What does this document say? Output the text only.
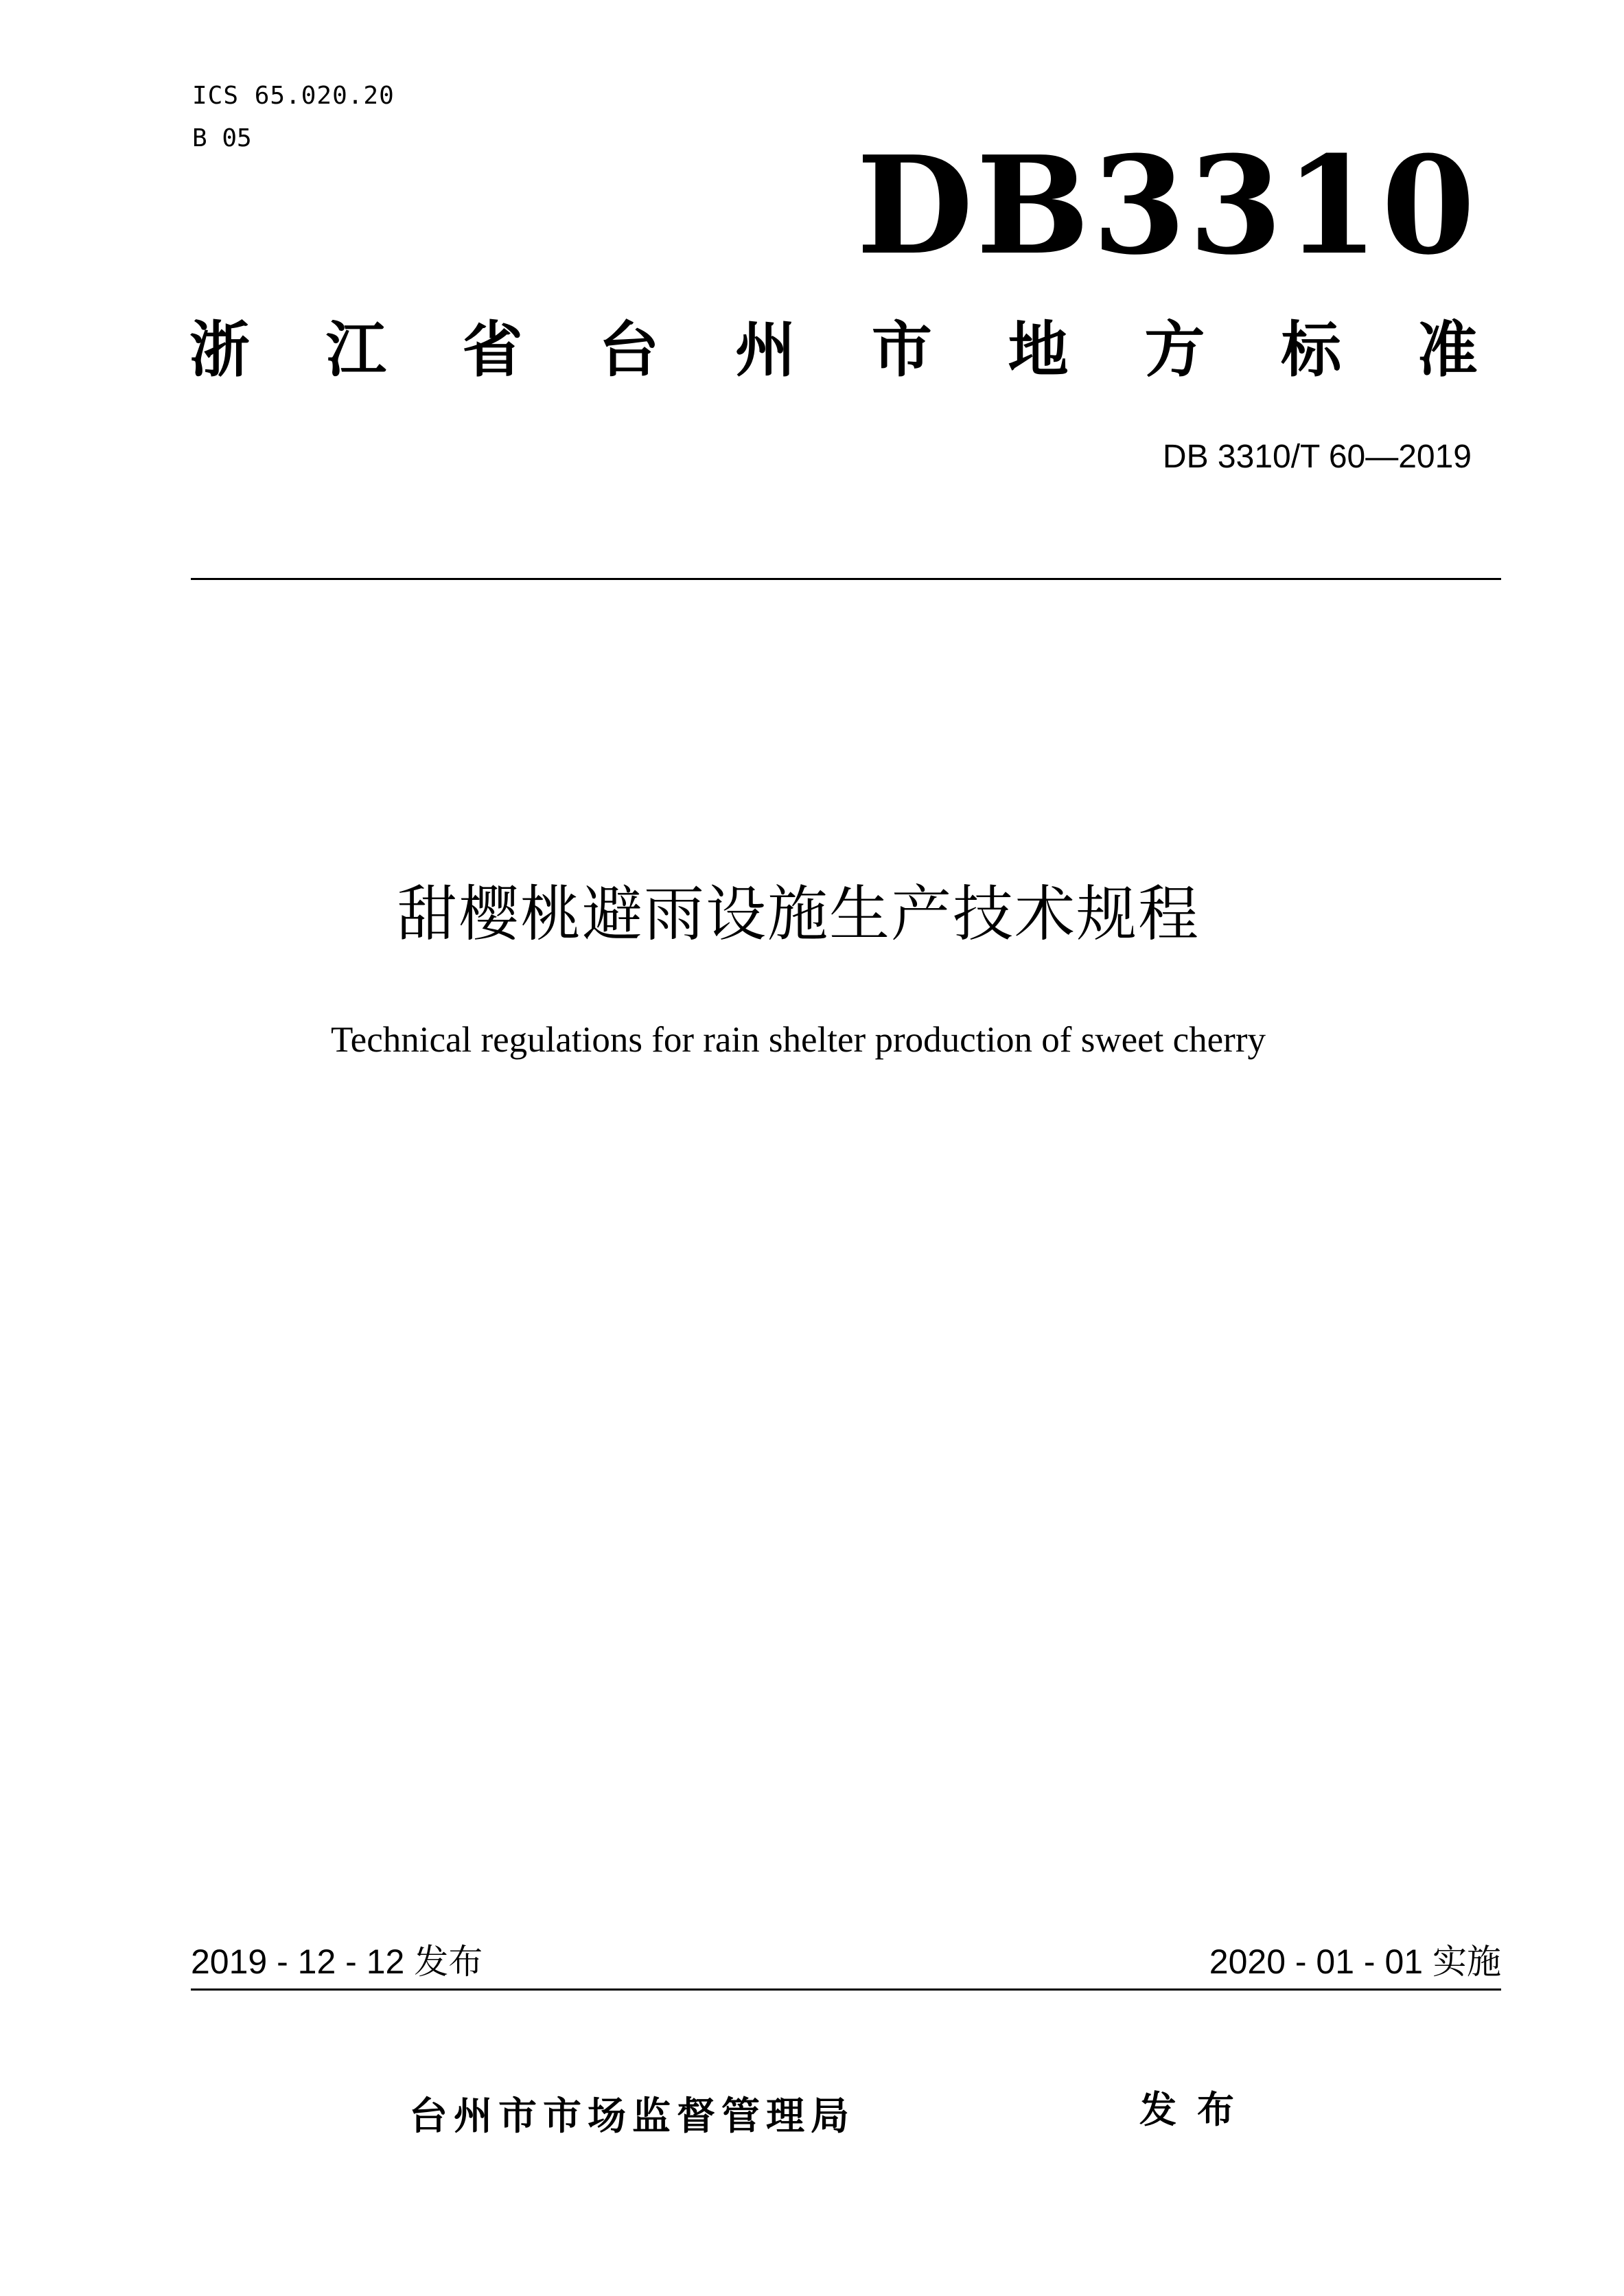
ICS 65.020.20
B 05	DB3310
浙 江 省 台 州 市 地 方 标 准
DB 3310/T 60—2019
甜樱桃避雨设施生产技术规程
Technical regulations for rain shelter production of sweet cherry
2019 - 12 - 12 发布	2020 - 01 - 01 实施
台州市市场监督管理局	发布
